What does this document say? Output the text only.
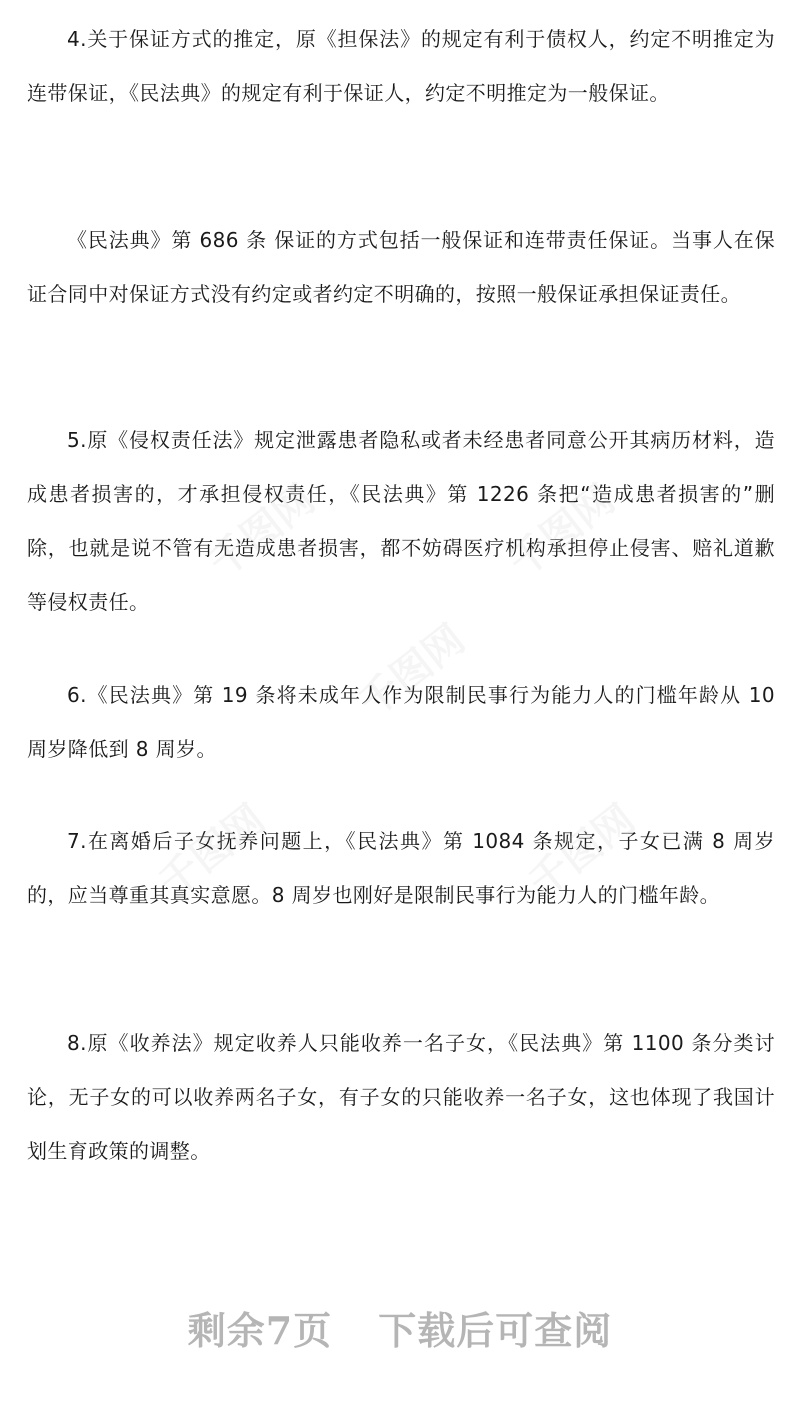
4.关于保证方式的推定，原《担保法》的规定有利于债权人，约定不明推定为连带保证，《民法典》的规定有利于保证人，约定不明推定为一般保证。

《民法典》第 686 条 保证的方式包括一般保证和连带责任保证。当事人在保证合同中对保证方式没有约定或者约定不明确的，按照一般保证承担保证责任。

5.原《侵权责任法》规定泄露患者隐私或者未经患者同意公开其病历材料，造成患者损害的，才承担侵权责任，《民法典》第 1226 条把“造成患者损害的”删除，也就是说不管有无造成患者损害，都不妨碍医疗机构承担停止侵害、赔礼道歉等侵权责任。

6.《民法典》第 19 条将未成年人作为限制民事行为能力人的门槛年龄从 10 周岁降低到 8 周岁。

7.在离婚后子女抚养问题上，《民法典》第 1084 条规定，子女已满 8 周岁的，应当尊重其真实意愿。8 周岁也刚好是限制民事行为能力人的门槛年龄。

8.原《收养法》规定收养人只能收养一名子女，《民法典》第 1100 条分类讨论，无子女的可以收养两名子女，有子女的只能收养一名子女，这也体现了我国计划生育政策的调整。

千图网	千图网
千图网
千图网	千图网
剩余7页 下载后可查阅
